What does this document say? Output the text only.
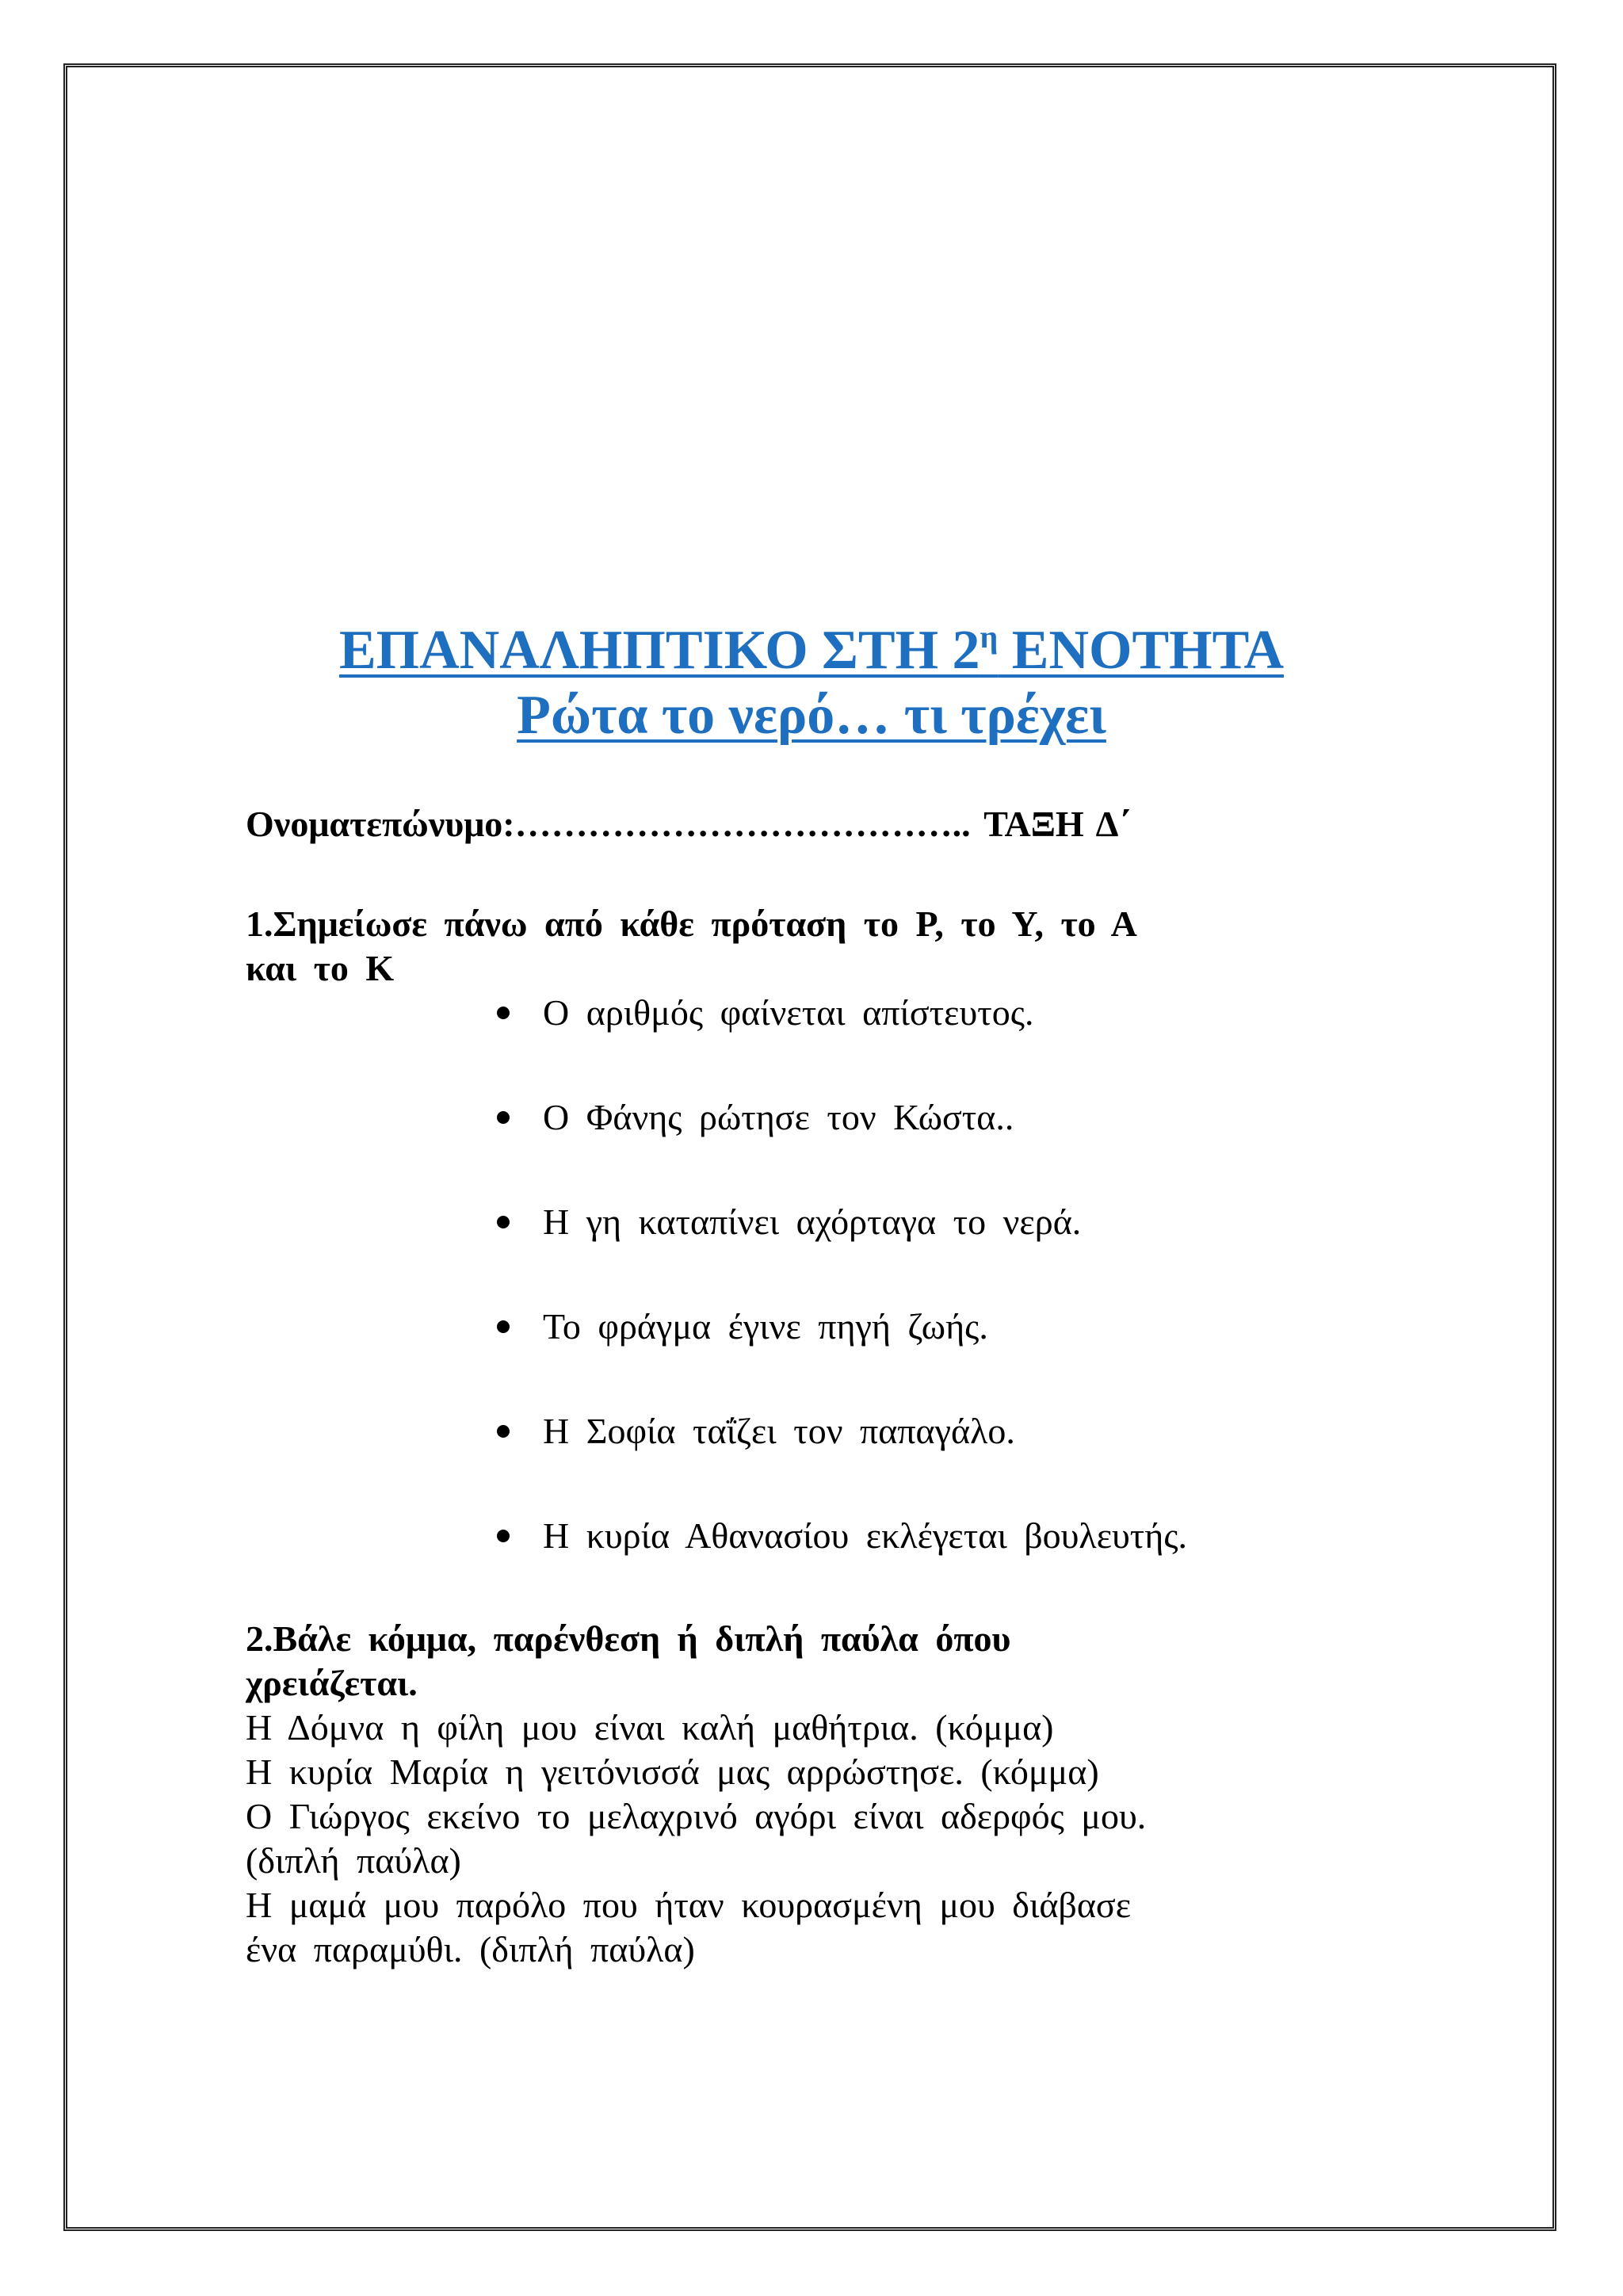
ΕΠΑΝΑΛΗΠΤΙΚΟ ΣΤΗ $2^\eta$ ΕΝΟΤΗΤΑ
Ρώτα το νερό… τι τρέχει
Ονοματεπώνυμο:……………………………….. ΤΑΞΗ Δ΄
1.Σημείωσε πάνω από κάθε πρόταση το Ρ, το Υ, το Α
και το Κ
Ο αριθμός φαίνεται απίστευτος.
Ο Φάνης ρώτησε τον Κώστα..
Η γη καταπίνει αχόρταγα το νερά.
Το φράγμα έγινε πηγή ζωής.
Η Σοφία ταΐζει τον παπαγάλο.
Η κυρία Αθανασίου εκλέγεται βουλευτής.
2.Βάλε κόμμα, παρένθεση ή διπλή παύλα όπου
χρειάζεται.
Η Δόμνα η φίλη μου είναι καλή μαθήτρια. (κόμμα)
Η κυρία Μαρία η γειτόνισσά μας αρρώστησε. (κόμμα)
Ο Γιώργος εκείνο το μελαχρινό αγόρι είναι αδερφός μου.
(διπλή παύλα)
Η μαμά μου παρόλο που ήταν κουρασμένη μου διάβασε
ένα παραμύθι. (διπλή παύλα)
